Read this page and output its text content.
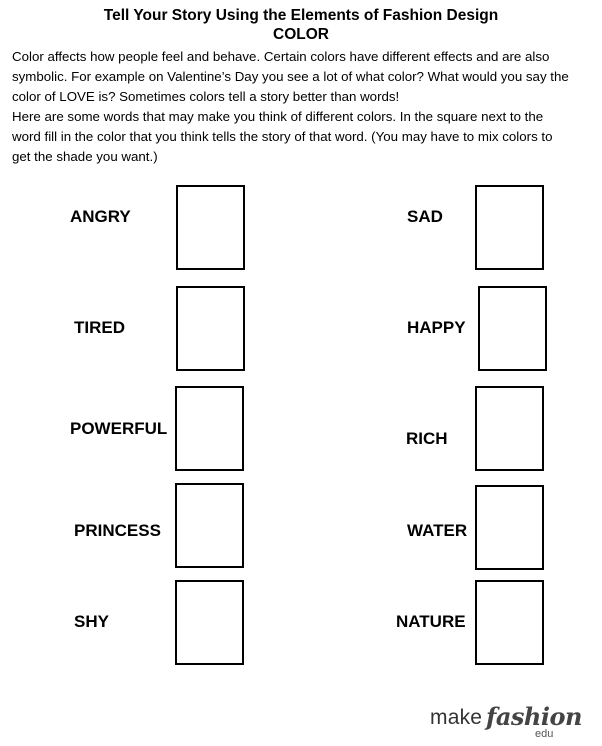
Tell Your Story Using the Elements of Fashion Design
COLOR

Color affects how people feel and behave. Certain colors have different effects and are also

symbolic. For example on Valentine’s Day you see a lot of what color? What would you say the

color of LOVE is? Sometimes colors tell a story better than words!

Here are some words that may make you think of different colors. In the square next to the

word fill in the color that you think tells the story of that word. (You may have to mix colors to

get the shade you want.)

ANGRY
TIRED
POWERFUL
PRINCESS
SHY
SAD
HAPPY
RICH
WATER
NATURE
make fashion
edu
